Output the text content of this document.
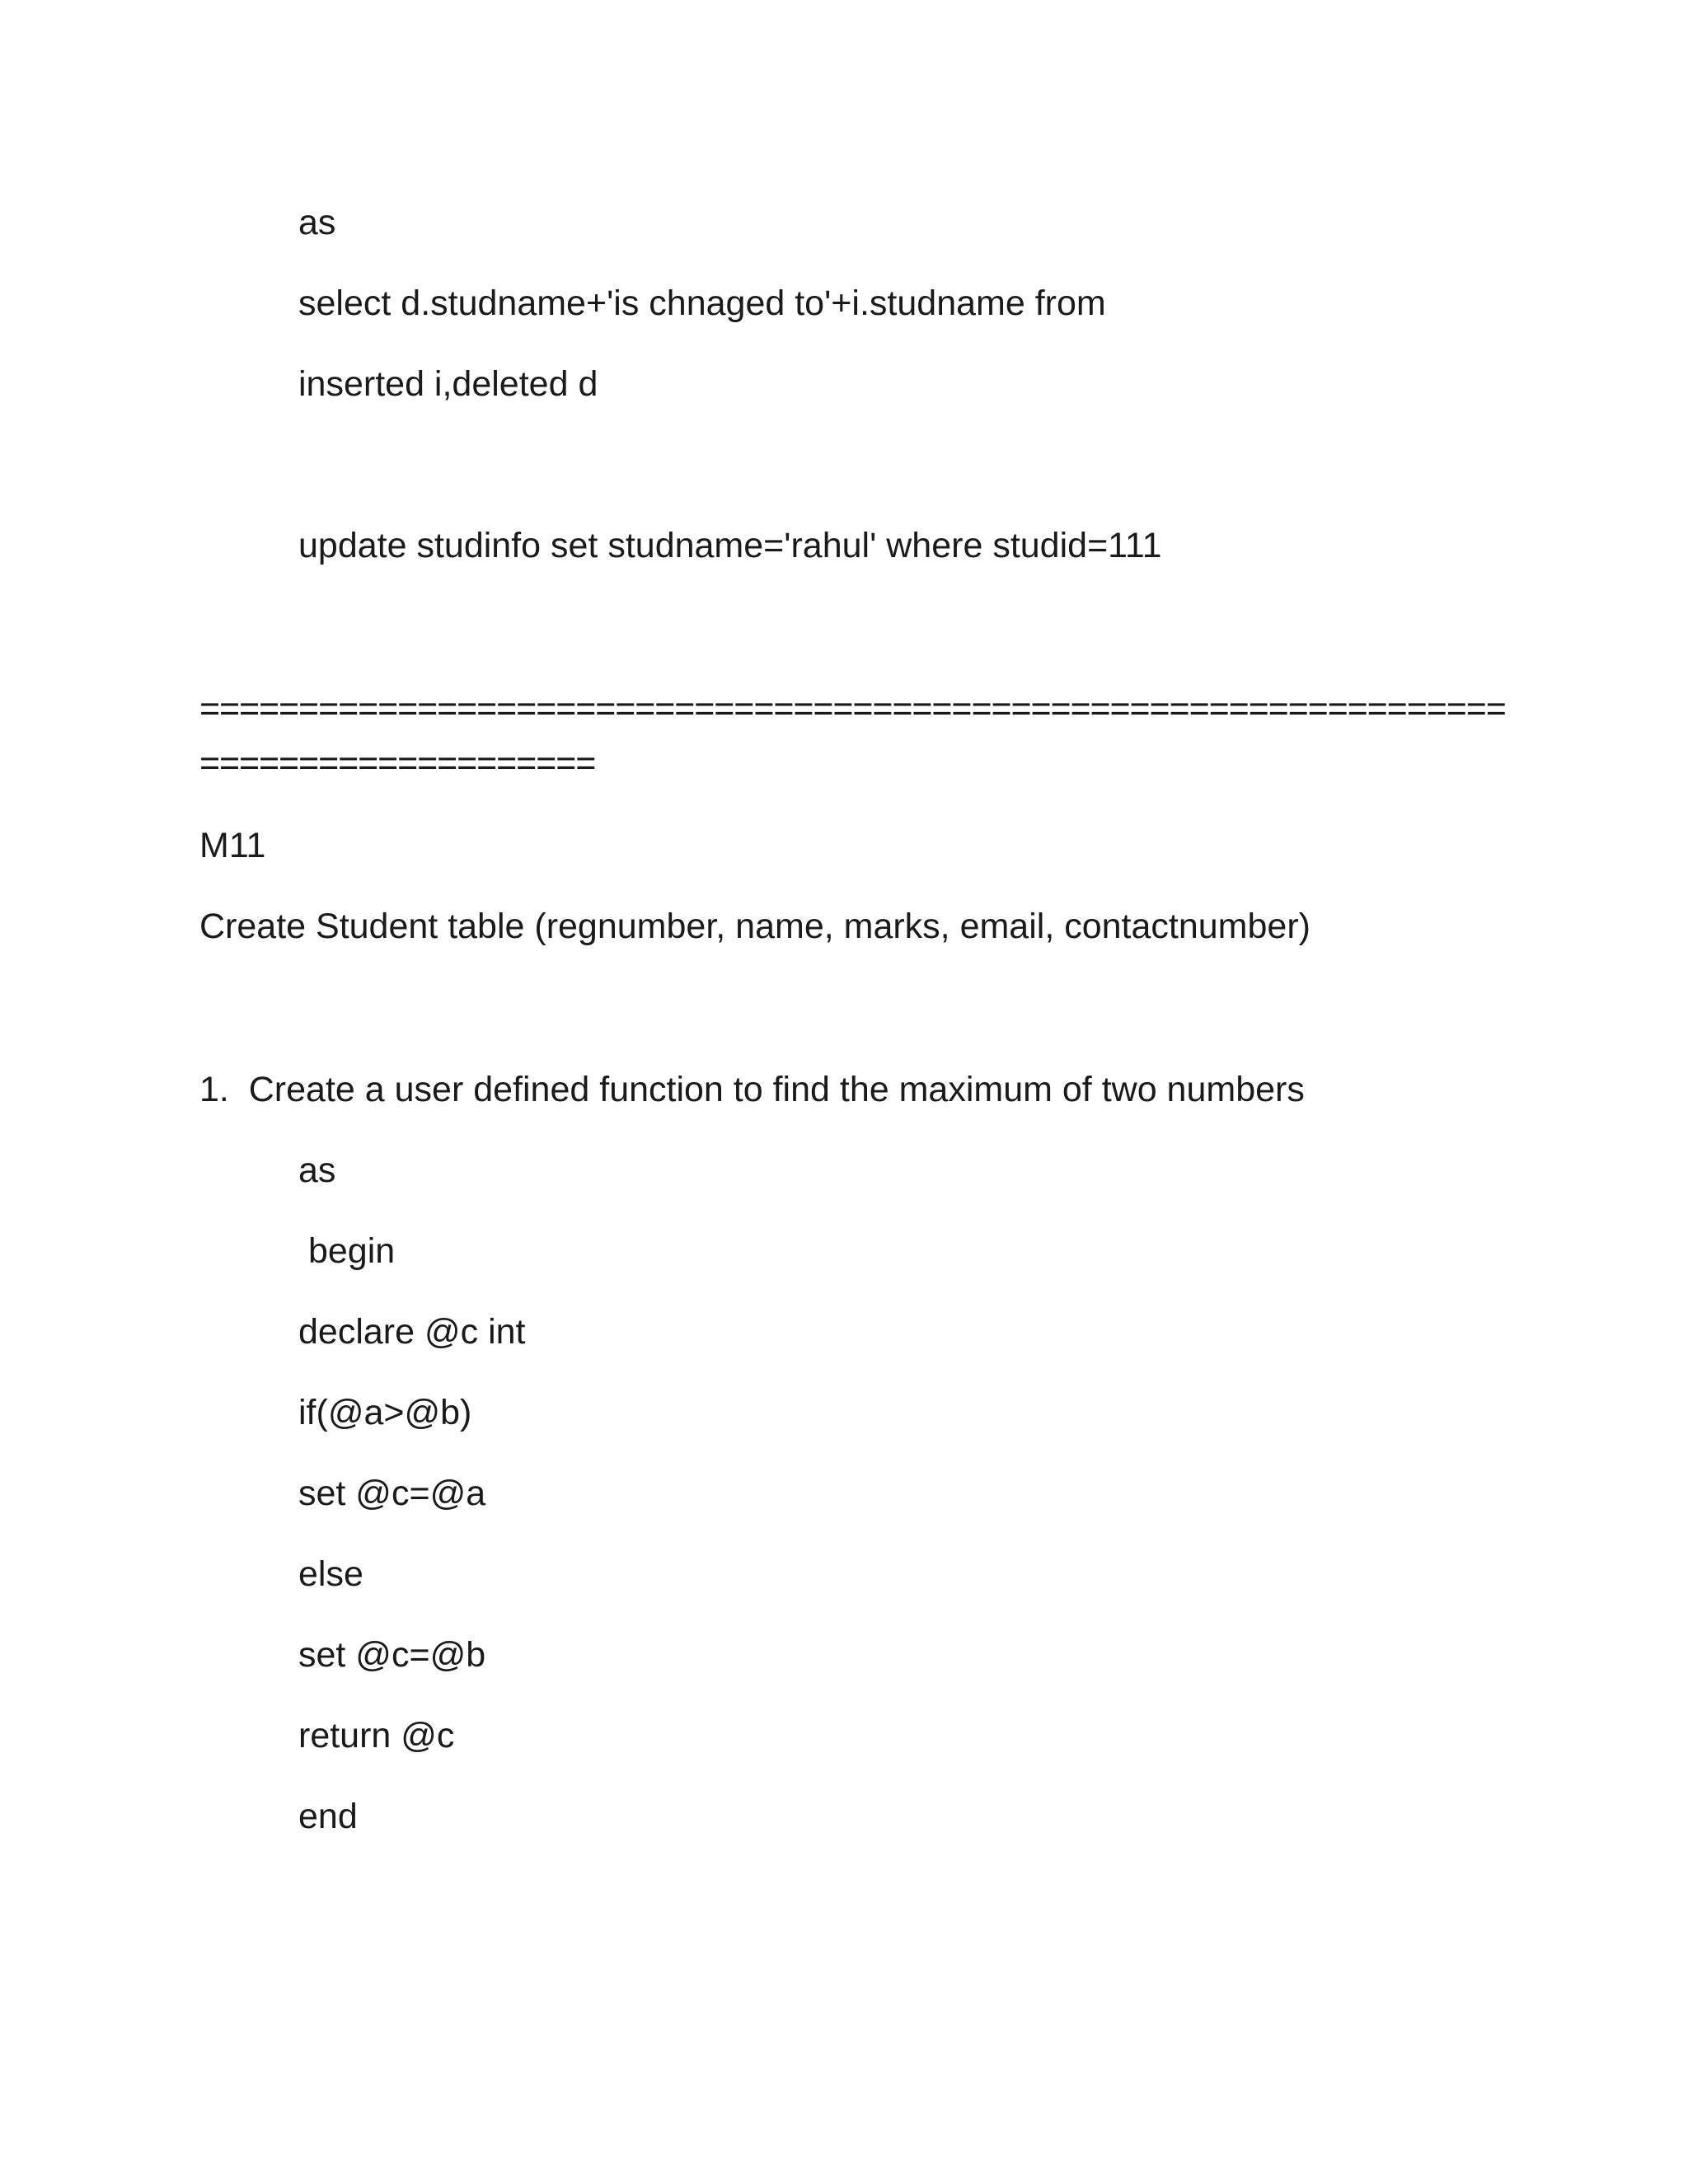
as
select d.studname+'is chnaged to'+i.studname from
inserted i,deleted d
update studinfo set studname='rahul' where studid=111
==================================================================
====================
M11
Create Student table (regnumber, name, marks, email, contactnumber)
1.  Create a user defined function to find the maximum of two numbers
as
begin
declare @c int
if(@a>@b)
set @c=@a
else
set @c=@b
return @c
end
